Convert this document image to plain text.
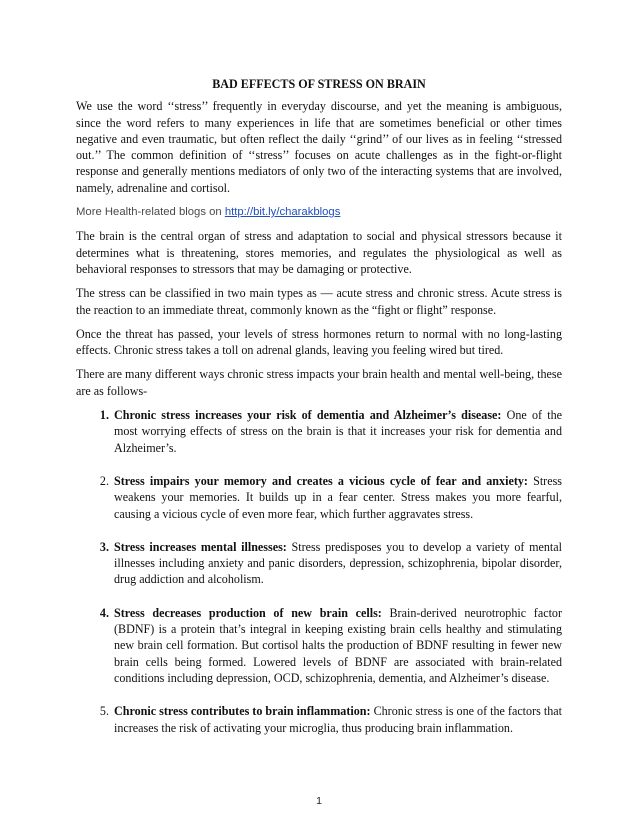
BAD EFFECTS OF STRESS ON BRAIN

We use the word ‘‘stress’’ frequently in everyday discourse, and yet the meaning is ambiguous, since the word refers to many experiences in life that are sometimes beneficial or other times negative and even traumatic, but often reflect the daily ‘‘grind’’ of our lives as in feeling ‘‘stressed out.’’ The common definition of ‘‘stress’’ focuses on acute challenges as in the fight-or-flight response and generally mentions mediators of only two of the interacting systems that are involved, namely, adrenaline and cortisol.

More Health-related blogs on http://bit.ly/charakblogs

The brain is the central organ of stress and adaptation to social and physical stressors because it determines what is threatening, stores memories, and regulates the physiological as well as behavioral responses to stressors that may be damaging or protective.

The stress can be classified in two main types as — acute stress and chronic stress. Acute stress is the reaction to an immediate threat, commonly known as the “fight or flight” response.

Once the threat has passed, your levels of stress hormones return to normal with no long-lasting effects. Chronic stress takes a toll on adrenal glands, leaving you feeling wired but tired.

There are many different ways chronic stress impacts your brain health and mental well-being, these are as follows-

1. Chronic stress increases your risk of dementia and Alzheimer’s disease: One of the most worrying effects of stress on the brain is that it increases your risk for dementia and Alzheimer’s.
2. Stress impairs your memory and creates a vicious cycle of fear and anxiety: Stress weakens your memories. It builds up in a fear center. Stress makes you more fearful, causing a vicious cycle of even more fear, which further aggravates stress.
3. Stress increases mental illnesses: Stress predisposes you to develop a variety of mental illnesses including anxiety and panic disorders, depression, schizophrenia, bipolar disorder, drug addiction and alcoholism.
4. Stress decreases production of new brain cells: Brain-derived neurotrophic factor (BDNF) is a protein that’s integral in keeping existing brain cells healthy and stimulating new brain cell formation. But cortisol halts the production of BDNF resulting in fewer new brain cells being formed. Lowered levels of BDNF are associated with brain-related conditions including depression, OCD, schizophrenia, dementia, and Alzheimer’s disease.
5. Chronic stress contributes to brain inflammation: Chronic stress is one of the factors that increases the risk of activating your microglia, thus producing brain inflammation.
1
